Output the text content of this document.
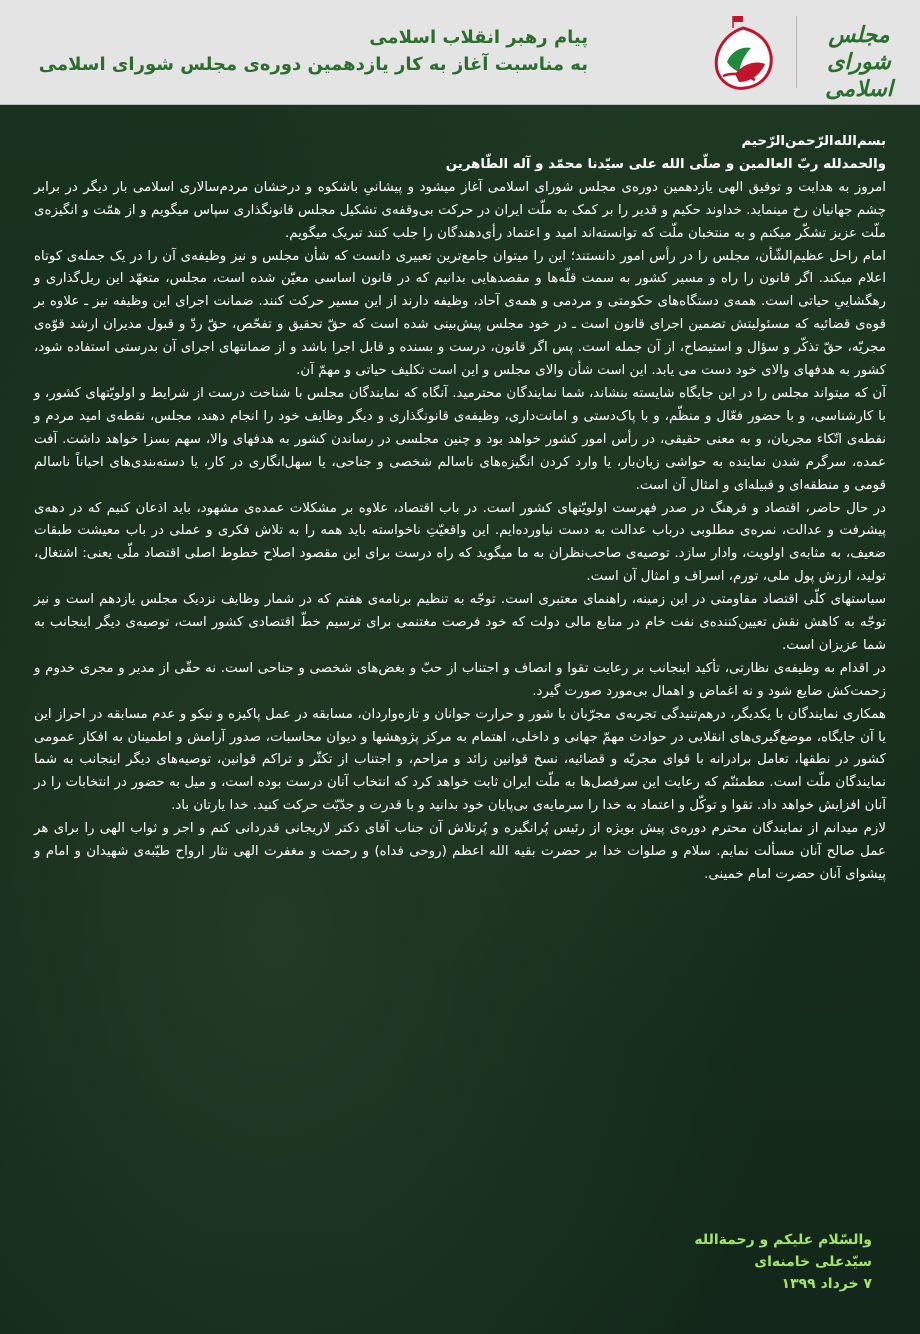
پیام رهبر انقلاب اسلامی
به مناسبت آغاز به کار یازدهمین دوره‌ی مجلس شورای اسلامی
مجلس شورای اسلامی
بسم‌الله‌الرّحمن‌الرّحیم
والحمدلله ربّ العالمین و صلّی الله علی سیّدنا محمّد و آله الطّاهرین

امروز به هدایت و توفیق الهی یازدهمین دوره‌ی مجلس شورای اسلامی آغاز میشود و پیشانیِ باشکوه و درخشان مردم‌سالاری اسلامی بار دیگر در برابر چشم جهانیان رخ مینماید. خداوند حکیم و قدیر را بر کمک به ملّت ایران در حرکت بی‌وقفه‌ی تشکیل مجلس قانونگذاری سپاس میگویم و از همّت و انگیزه‌ی ملّت عزیز تشکّر میکنم و به منتخبان ملّت که توانسته‌اند امید و اعتماد رأی‌دهندگان را جلب کنند تبریک میگویم.

امام راحل عظیم‌الشّأن، مجلس را در رأس امور دانستند؛ این را میتوان جامع‌ترین تعبیری دانست که شأن مجلس و نیز وظیفه‌ی آن را در یک جمله‌ی کوتاه اعلام میکند. اگر قانون را راه و مسیر کشور به سمت قلّه‌ها و مقصدهایی بدانیم که در قانون اساسی معیّن شده است، مجلس، متعهّد این ریل‌گذاری و رهگشاییِ حیاتی است. همه‌ی دستگاه‌های حکومتی و مردمی و همه‌ی آحاد، وظیفه دارند از این مسیر حرکت کنند. ضمانت اجرای این وظیفه نیز ـ علاوه بر قوه‌ی قضائیه که مسئولیتش تضمین اجرای قانون است ـ در خود مجلس پیش‌بینی شده است که حقّ تحقیق و تفحّص، حقّ ردّ و قبول مدیران ارشد قوّه‌ی مجریّه، حقّ تذکّر و سؤال و استیضاح، از آن جمله است. پس اگر قانون، درست و بسنده و قابل اجرا باشد و از ضمانتهای اجرای آن بدرستی استفاده شود، کشور به هدفهای والای خود دست می یابد. این است شأن والای مجلس و این است تکلیف حیاتی و مهمّ آن.

آن که میتواند مجلس را در این جایگاه شایسته بنشاند، شما نمایندگان محترمید. آنگاه که نمایندگان مجلس با شناخت درست از شرایط و اولویّتهای کشور، و با کارشناسی، و با حضور فعّال و منظّم، و با پاک‌دستی و امانت‌داری، وظیفه‌ی قانونگذاری و دیگر وظایف خود را انجام دهند، مجلس، نقطه‌ی امید مردم و نقطه‌ی اتّکاء مجریان، و به معنی حقیقی، در رأس امور کشور خواهد بود و چنین مجلسی در رساندن کشور به هدفهای والا، سهم بسزا خواهد داشت. آفت عمده، سرگرم شدن نماینده به حواشی زیان‌بار، یا وارد کردن انگیزه‌های ناسالم شخصی و جناحی، یا سهل‌انگاری در کار، یا دسته‌بندی‌های احیاناً ناسالم قومی و منطقه‌ای و قبیله‌ای و امثال آن است.

در حال حاضر، اقتصاد و فرهنگ در صدر فهرست اولویّتهای کشور است. در باب اقتصاد، علاوه بر مشکلات عمده‌ی مشهود، باید اذعان کنیم که در دهه‌ی پیشرفت و عدالت، نمره‌ی مطلوبی درباب عدالت به دست نیاورده‌ایم. این واقعیّتِ ناخواسته باید همه را به تلاش فکری و عملی در باب معیشت طبقات ضعیف، به مثابه‌ی اولویت، وادار سازد. توصیه‌ی صاحب‌نظران به ما میگوید که راه درست برای این مقصود اصلاح خطوط اصلی اقتصاد ملّی یعنی: اشتغال، تولید، ارزش پول ملی، تورم، اسراف و امثال آن است.

سیاستهای کلّی اقتصاد مقاومتی در این زمینه، راهنمای معتبری است. توجّه به تنظیم برنامه‌ی هفتم که در شمار وظایف نزدیک مجلس یازدهم است و نیز توجّه به کاهش نقش تعیین‌کننده‌ی نفت خام در منابع مالی دولت که خود فرصت مغتنمی برای ترسیم خطّ اقتصادی کشور است، توصیه‌ی دیگر اینجانب به شما عزیزان است.

در اقدام به وظیفه‌ی نظارتی، تأکید اینجانب بر رعایت تقوا و انصاف و اجتناب از حبّ و بغض‌های شخصی و جناحی است. نه حقّی از مدیر و مجری خدوم و زحمت‌کش ضایع شود و نه اغماض و اهمال بی‌مورد صورت گیرد.

همکاری نمایندگان با یکدیگر، درهم‌تنیدگی تجربه‌ی مجرّبان با شور و حرارت جوانان و تازه‌واردان، مسابقه در عمل پاکیزه و نیکو و عدم مسابقه در احراز این یا آن جایگاه، موضع‌گیری‌های انقلابی در حوادث مهمّ جهانی و داخلی، اهتمام به مرکز پژوهشها و دیوان محاسبات، صدور آرامش و اطمینان به افکار عمومی کشور در نطقها، تعامل برادرانه با قوای مجریّه و قضائیه، نسخ قوانین زائد و مزاحم، و اجتناب از تکثّر و تراکم قوانین، توصیه‌های دیگر اینجانب به شما نمایندگان ملّت است. مطمئنّم که رعایت این سرفصل‌ها به ملّت ایران ثابت خواهد کرد که انتخاب آنان درست بوده است، و میل به حضور در انتخابات را در آنان افزایش خواهد داد. تقوا و توکّل و اعتماد به خدا را سرمایه‌ی بی‌پایان خود بدانید و با قدرت و جدّیّت حرکت کنید. خدا یارتان باد.

لازم میدانم از نمایندگان محترم دوره‌ی پیش بویژه از رئیس پُرانگیزه و پُرتلاش آن جناب آقای دکتر لاریجانی قدردانی کنم و اجر و ثواب الهی را برای هر عمل صالح آنان مسألت نمایم. سلام و صلوات خدا بر حضرت بقیه الله اعظم (روحی فداه) و رحمت و مغفرت الهی نثار ارواح طیّبه‌ی شهیدان و امام و پیشوای آنان حضرت امام خمینی.

والسّلام علیکم و رحمة‌الله
سیّدعلی خامنه‌ای
۷ خرداد ۱۳۹۹
